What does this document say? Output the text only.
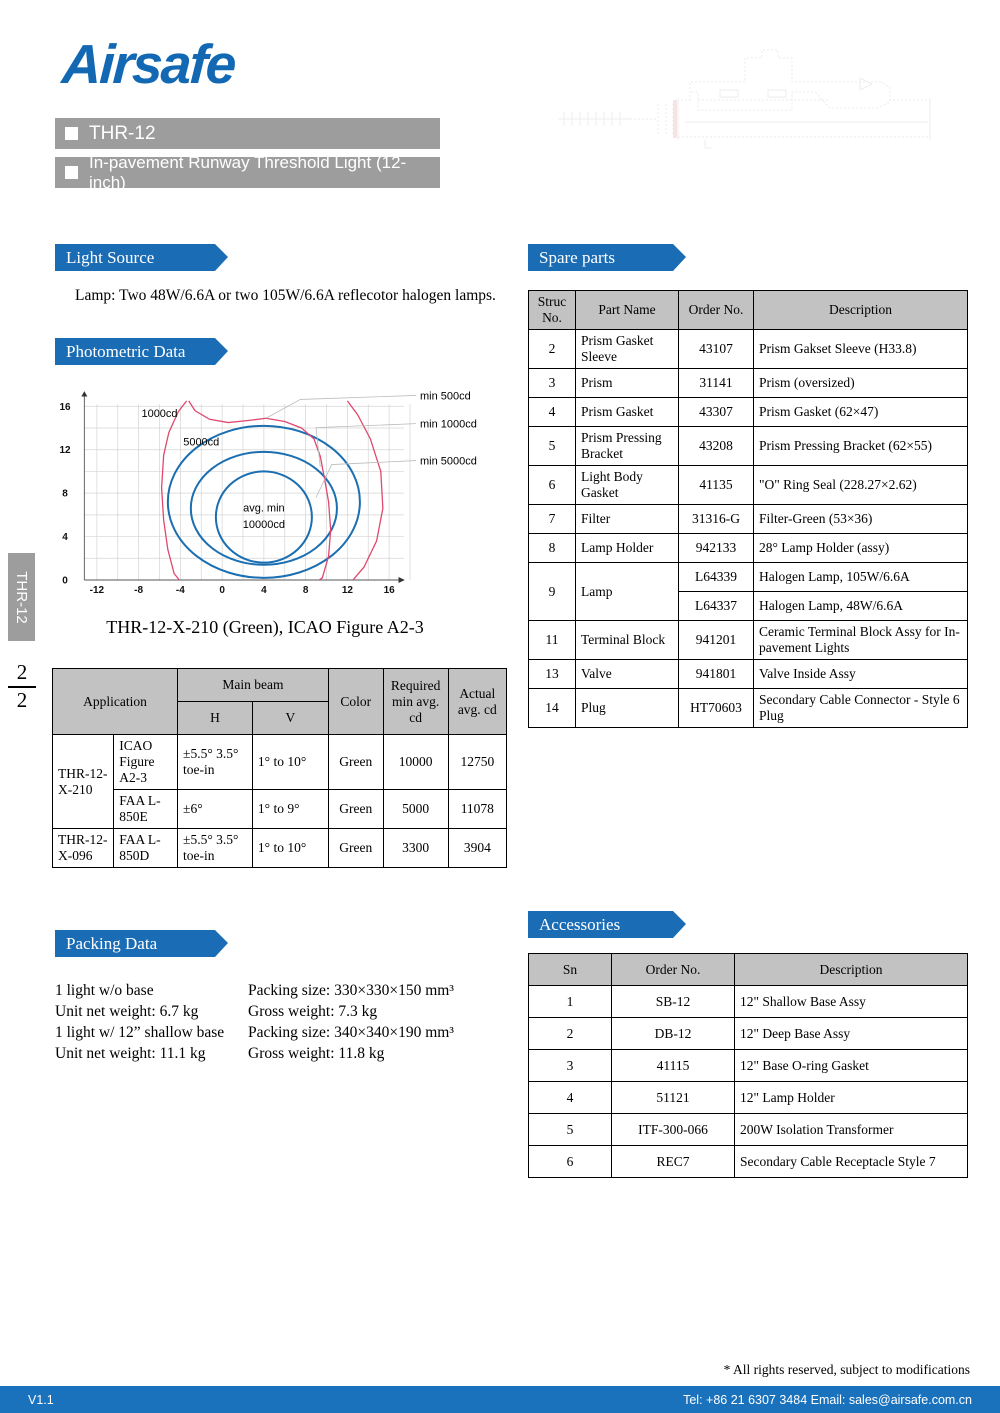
Airsafe
THR-12
In-pavement Runway Threshold Light (12-inch)
THR-12
2
2
Light Source
Lamp: Two 48W/6.6A or two 105W/6.6A reflecotor halogen lamps.
Photometric Data
-12	-8	-4	0	4	8	12	16
0
4
8
12
16
1000cd
5000cd
avg. min
10000cd
min 500cd
min 1000cd
min 5000cd
THR-12-X-210 (Green), ICAO Figure A2-3
Application		Main beam		Color	Required min avg. cd	Actual avg. cd
		H	V			
THR-12-X-210	ICAO Figure A2-3	±5.5° 3.5° toe-in	1° to 10°	Green	10000	12750
	FAA L-850E	±6°	1° to 9°	Green	5000	11078
THR-12-X-096	FAA L-850D	±5.5° 3.5° toe-in	1° to 10°	Green	3300	3904
Packing Data
1 light w/o base	Packing size: 330×330×150 mm³
Unit net weight: 6.7 kg	Gross weight: 7.3 kg
1 light w/ 12” shallow base	Packing size: 340×340×190 mm³
Unit net weight: 11.1 kg	Gross weight: 11.8 kg
Spare parts
Struc No.	Part Name	Order No.	Description
2	Prism Gasket Sleeve	43107	Prism Gakset Sleeve (H33.8)
3	Prism	31141	Prism (oversized)
4	Prism Gasket	43307	Prism Gasket (62×47)
5	Prism Pressing Bracket	43208	Prism Pressing Bracket (62×55)
6	Light Body Gasket	41135	"O" Ring Seal (228.27×2.62)
7	Filter	31316-G	Filter-Green (53×36)
8	Lamp Holder	942133	28° Lamp Holder (assy)
9	Lamp	L64339	Halogen Lamp, 105W/6.6A
		L64337	Halogen Lamp, 48W/6.6A
11	Terminal Block	941201	Ceramic Terminal Block Assy for In-pavement Lights
13	Valve	941801	Valve Inside Assy
14	Plug	HT70603	Secondary Cable Connector - Style 6 Plug
Accessories
Sn	Order No.	Description
1	SB-12	12" Shallow Base Assy
2	DB-12	12" Deep Base Assy
3	41115	12" Base O-ring Gasket
4	51121	12" Lamp Holder
5	ITF-300-066	200W Isolation Transformer
6	REC7	Secondary Cable Receptacle Style 7
* All rights reserved, subject to modifications
V1.1	Tel: +86 21 6307 3484 Email: sales@airsafe.com.cn
